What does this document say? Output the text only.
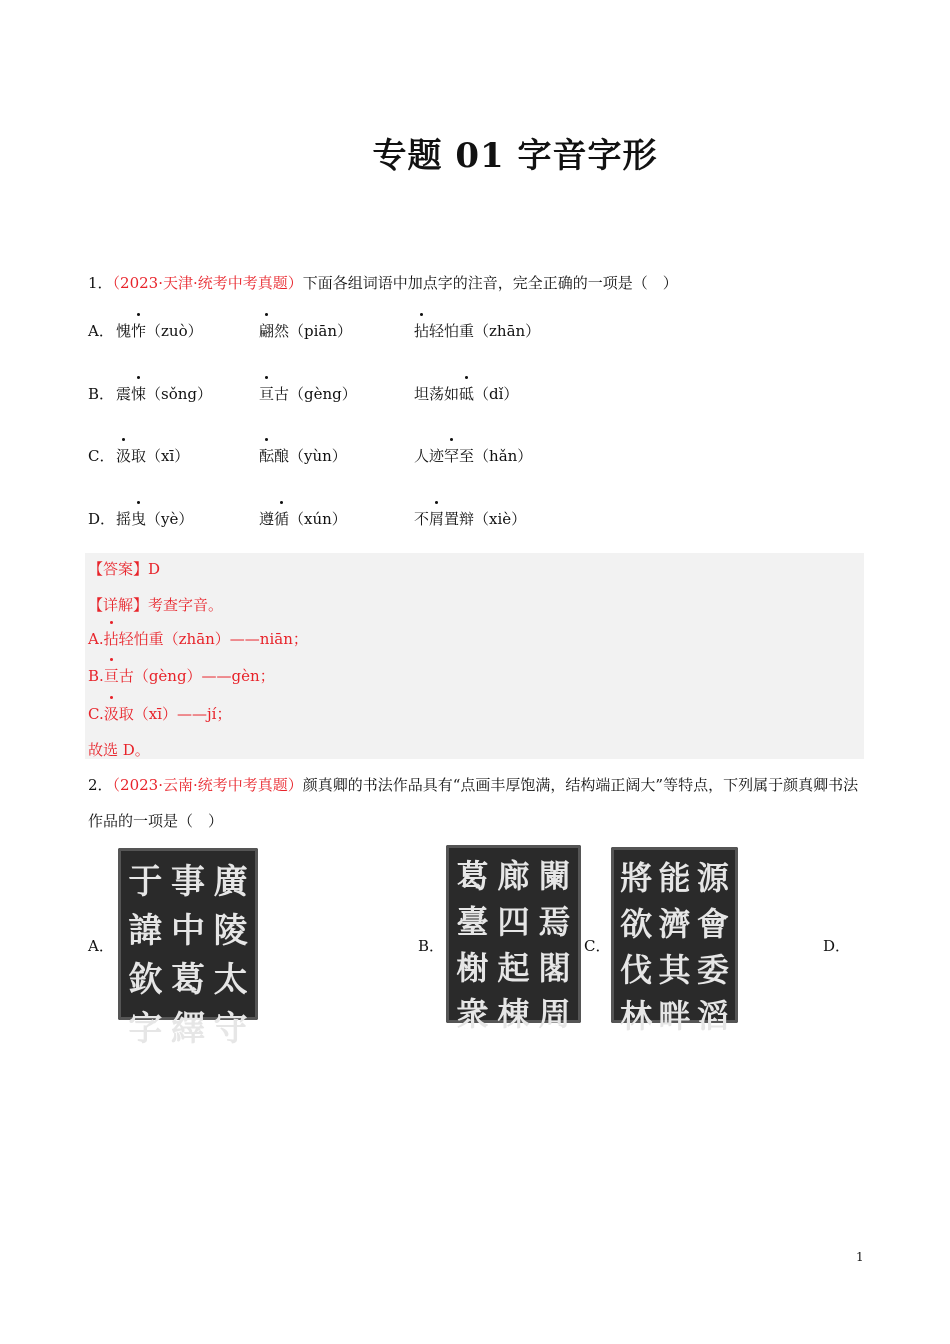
专题 01 字音字形
1．（2023·天津·统考中考真题）下面各组词语中加点字的注音，完全正确的一项是（　）
A． 愧怍（zuò）	翩然（piān）	拈轻怕重（zhān）
B． 震悚（sǒng）	亘古（gèng）	坦荡如砥（dǐ）
C． 汲取（xī）	酝酿（yùn）	人迹罕至（hǎn）
D． 摇曳（yè）	遵循（xún）	不屑置辩（xiè）
【答案】D
【详解】考查字音。
A.拈轻怕重（zhān）——niān；
B.亘古（gèng）——gèn；
C.汲取（xī）——jí；
故选 D。
2．（2023·云南·统考中考真题）颜真卿的书法作品具有“点画丰厚饱满，结构端正阔大”等特点，下列属于颜真卿书法作品的一项是（　）
A．
于 事 廣
諱 中 陵
欽 葛 太
字 繹 守
B．
葛 廊 闌
臺 四 焉
榭 起 閣
衆 棟 周
C．
將 能 源
欲 濟 會
伐 其 委
林 畔 滔
D．
1
